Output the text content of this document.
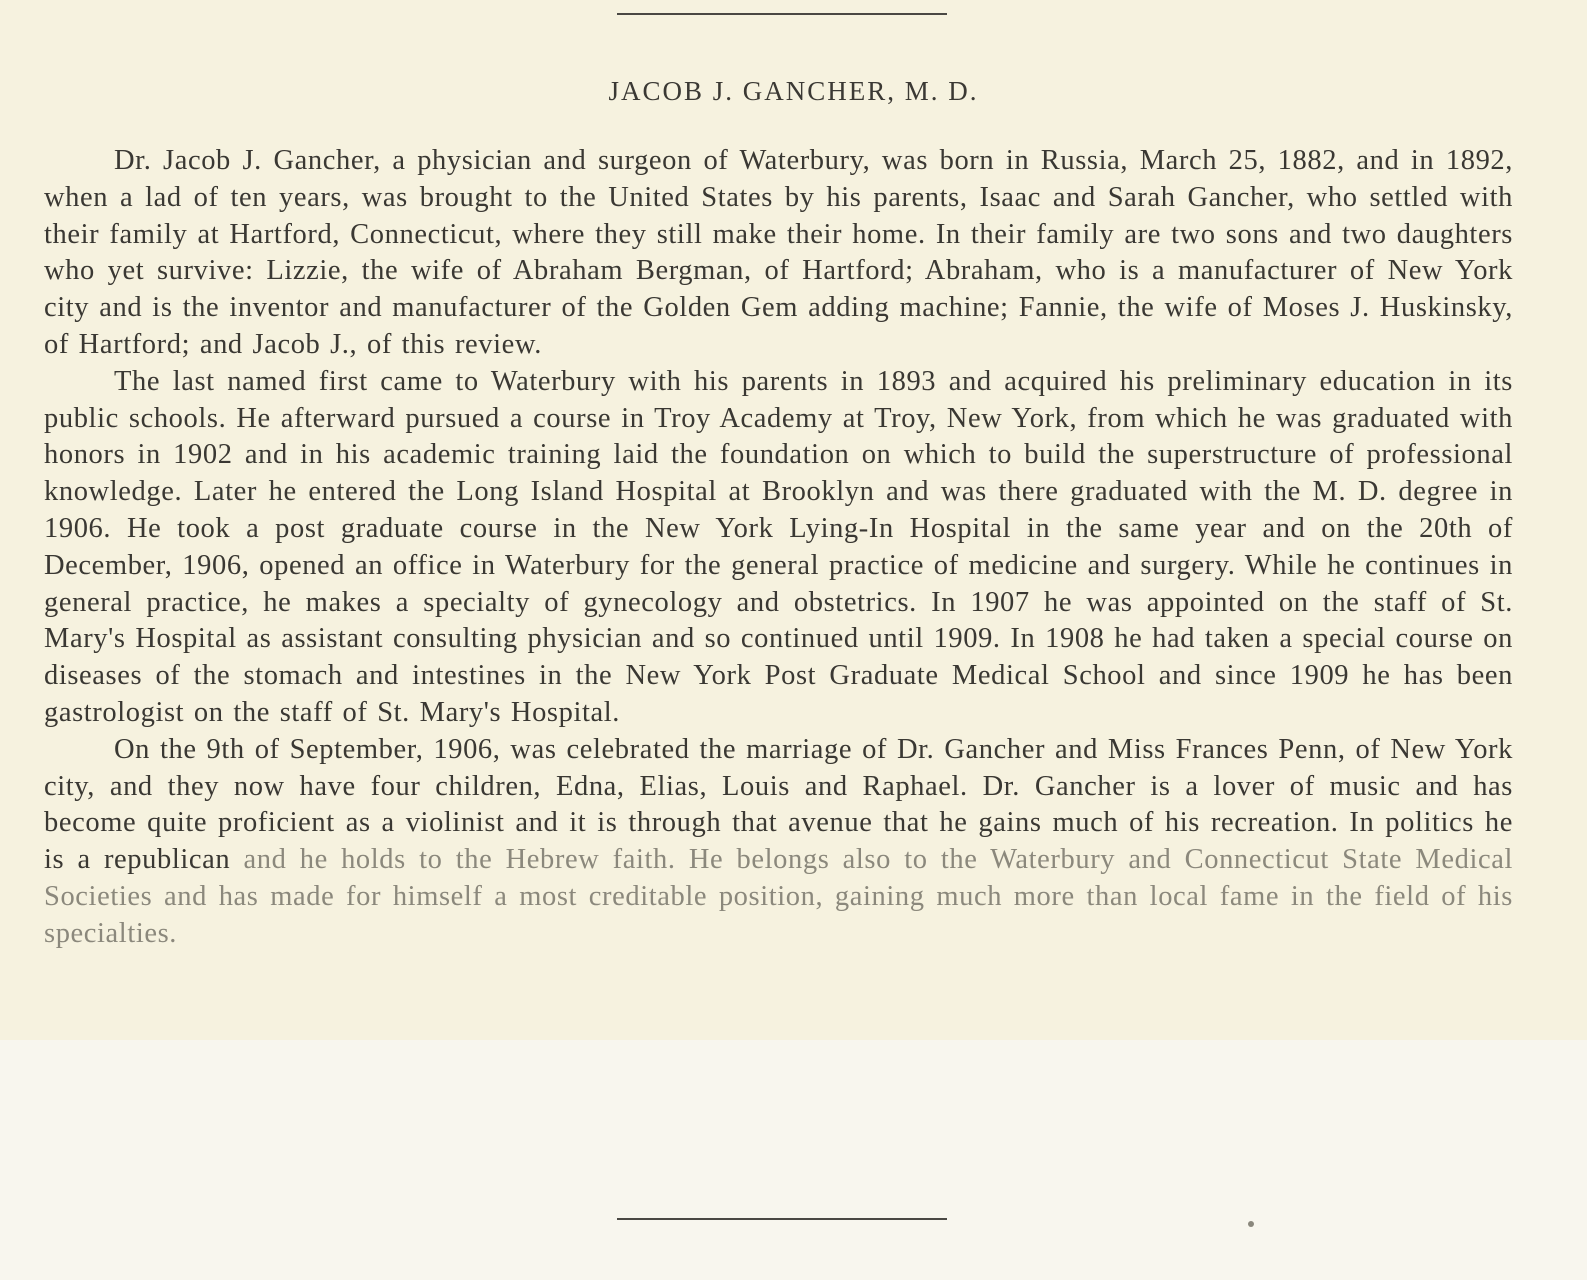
JACOB J. GANCHER, M. D.

Dr. Jacob J. Gancher, a physician and surgeon of Waterbury, was born in Russia, March 25, 1882, and in 1892, when a lad of ten years, was brought to the United States by his parents, Isaac and Sarah Gancher, who settled with their family at Hartford, Connecticut, where they still make their home. In their family are two sons and two daughters who yet survive: Lizzie, the wife of Abraham Bergman, of Hartford; Abraham, who is a manufacturer of New York city and is the inventor and manufacturer of the Golden Gem adding machine; Fannie, the wife of Moses J. Huskinsky, of Hartford; and Jacob J., of this review.

The last named first came to Waterbury with his parents in 1893 and acquired his preliminary education in its public schools. He afterward pursued a course in Troy Academy at Troy, New York, from which he was graduated with honors in 1902 and in his academic training laid the foundation on which to build the superstructure of professional knowledge. Later he entered the Long Island Hospital at Brooklyn and was there graduated with the M. D. degree in 1906. He took a post graduate course in the New York Lying-In Hospital in the same year and on the 20th of December, 1906, opened an office in Waterbury for the general practice of medicine and surgery. While he continues in general practice, he makes a specialty of gynecology and obstetrics. In 1907 he was appointed on the staff of St. Mary's Hospital as assistant consulting physician and so continued until 1909. In 1908 he had taken a special course on diseases of the stomach and intestines in the New York Post Graduate Medical School and since 1909 he has been gastrologist on the staff of St. Mary's Hospital.

On the 9th of September, 1906, was celebrated the marriage of Dr. Gancher and Miss Frances Penn, of New York city, and they now have four children, Edna, Elias, Louis and Raphael. Dr. Gancher is a lover of music and has become quite proficient as a violinist and it is through that avenue that he gains much of his recreation. In politics he is a republican and he holds to the Hebrew faith. He belongs also to the Waterbury and Connecticut State Medical Societies and has made for himself a most creditable position, gaining much more than local fame in the field of his specialties.
